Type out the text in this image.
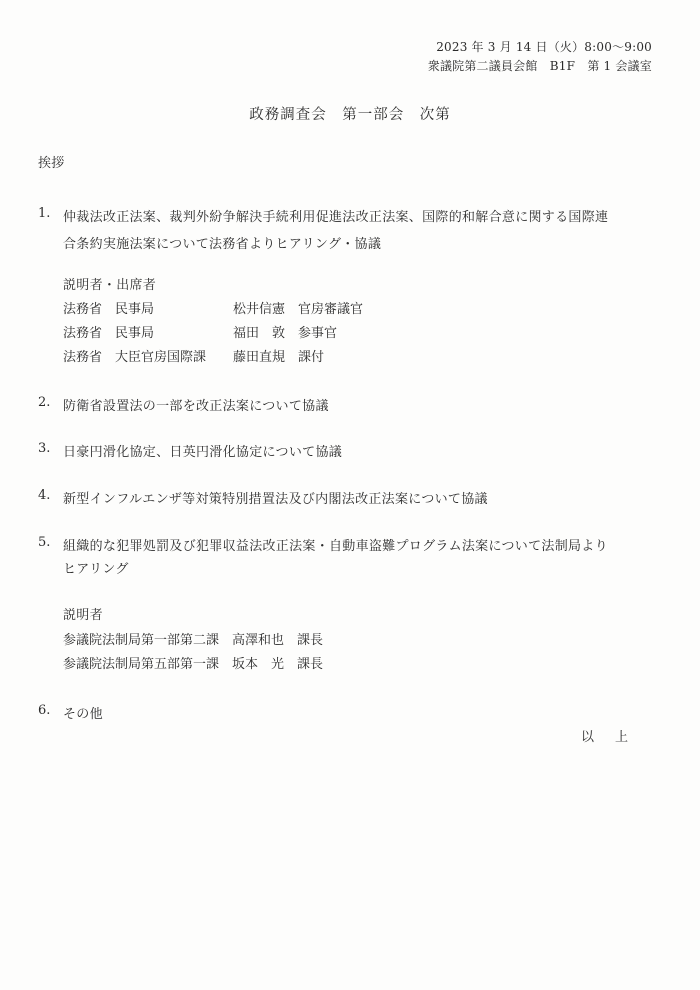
2023 年 3 月 14 日（火）8:00～9:00
衆議院第二議員会館　B1F　第 1 会議室
政務調査会　第一部会　次第
挨拶
1. 仲裁法改正法案、裁判外紛争解決手続利用促進法改正法案、国際的和解合意に関する国際連
合条約実施法案について法務省よりヒアリング・協議
説明者・出席者
法務省　民事局	松井信憲　官房審議官
法務省　民事局	福田　敦　参事官
法務省　大臣官房国際課 藤田直規　課付
2. 防衛省設置法の一部を改正法案について協議
3. 日豪円滑化協定、日英円滑化協定について協議
4. 新型インフルエンザ等対策特別措置法及び内閣法改正法案について協議
5. 組織的な犯罪処罰及び犯罪収益法改正法案・自動車盗難プログラム法案について法制局より
ヒアリング
説明者
参議院法制局第一部第二課　高澤和也　課長
参議院法制局第五部第一課　坂本　光　課長
6. その他
以　上
